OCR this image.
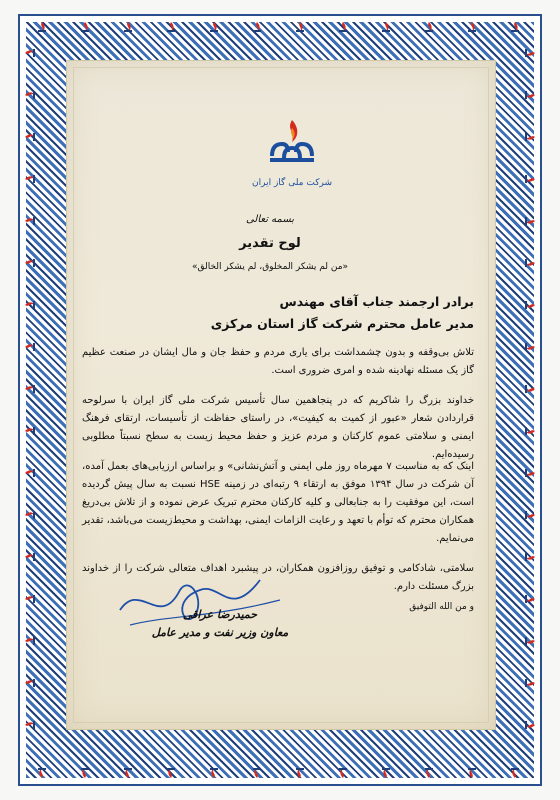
شرکت ملی گاز ایران
بسمه تعالی
لوح تقدیر
«من لم یشکر المخلوق، لم یشکر الخالق»
برادر ارجمند جناب آقای مهندس
مدیر عامل محترم شرکت گاز استان مرکزی
تلاش بی‌وقفه و بدون چشمداشت برای یاری مردم و حفظ جان و مال ایشان در صنعت عظیم گاز یک مسئله نهادینه شده و امری ضروری است.
خداوند بزرگ را شاکریم که در پنجاهمین سال تأسیس شرکت ملی گاز ایران با سرلوحه قراردادن شعار «عبور از کمیت به کیفیت»، در راستای حفاظت از تأسیسات، ارتقای فرهنگ ایمنی و سلامتی عموم کارکنان و مردم عزیز و حفظ محیط زیست به سطح نسبتاً مطلوبی رسیده‌ایم.
اینک که به مناسبت ۷ مهرماه روز ملی ایمنی و آتش‌نشانی» و براساس ارزیابی‌های بعمل آمده، آن شرکت در سال ۱۳۹۴ موفق به ارتقاء ۹ رتبه‌ای در زمینه HSE نسبت به سال پیش گردیده است، این موفقیت را به جنابعالی و کلیه کارکنان محترم تبریک عرض نموده و از تلاش بی‌دریغ همکاران محترم که توأم با تعهد و رعایت الزامات ایمنی، بهداشت و محیط‌زیست می‌باشد، تقدیر می‌نمایم.
سلامتی، شادکامی و توفیق روزافزون همکاران، در پیشبرد اهداف متعالی شرکت را از خداوند بزرگ مسئلت دارم.
و من الله التوفیق
حمیدرضا عراقی
معاون وزیر نفت و مدیر عامل
